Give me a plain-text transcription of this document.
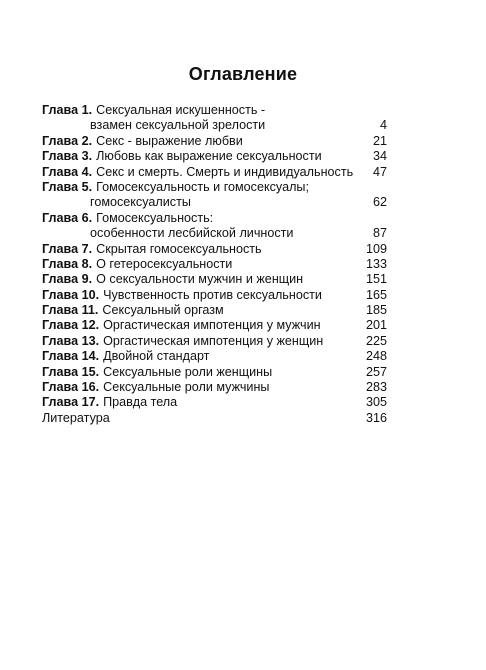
Оглавление
Глава 1. Сексуальная искушенность -
взамен сексуальной зрелости	4
Глава 2. Секс - выражение любви	21
Глава 3. Любовь как выражение сексуальности	34
Глава 4. Секс и смерть. Смерть и индивидуальность	47
Глава 5. Гомосексуальность и гомосексуалы;
гомосексуалисты	62
Глава 6. Гомосексуальность:
особенности лесбийской личности	87
Глава 7. Скрытая гомосексуальность	109
Глава 8. О гетеросексуальности	133
Глава 9. О сексуальности мужчин и женщин	151
Глава 10. Чувственность против сексуальности	165
Глава 11. Сексуальный оргазм	185
Глава 12. Оргастическая импотенция у мужчин	201
Глава 13. Оргастическая импотенция у женщин	225
Глава 14. Двойной стандарт	248
Глава 15. Сексуальные роли женщины	257
Глава 16. Сексуальные роли мужчины	283
Глава 17. Правда тела	305
Литература	316
